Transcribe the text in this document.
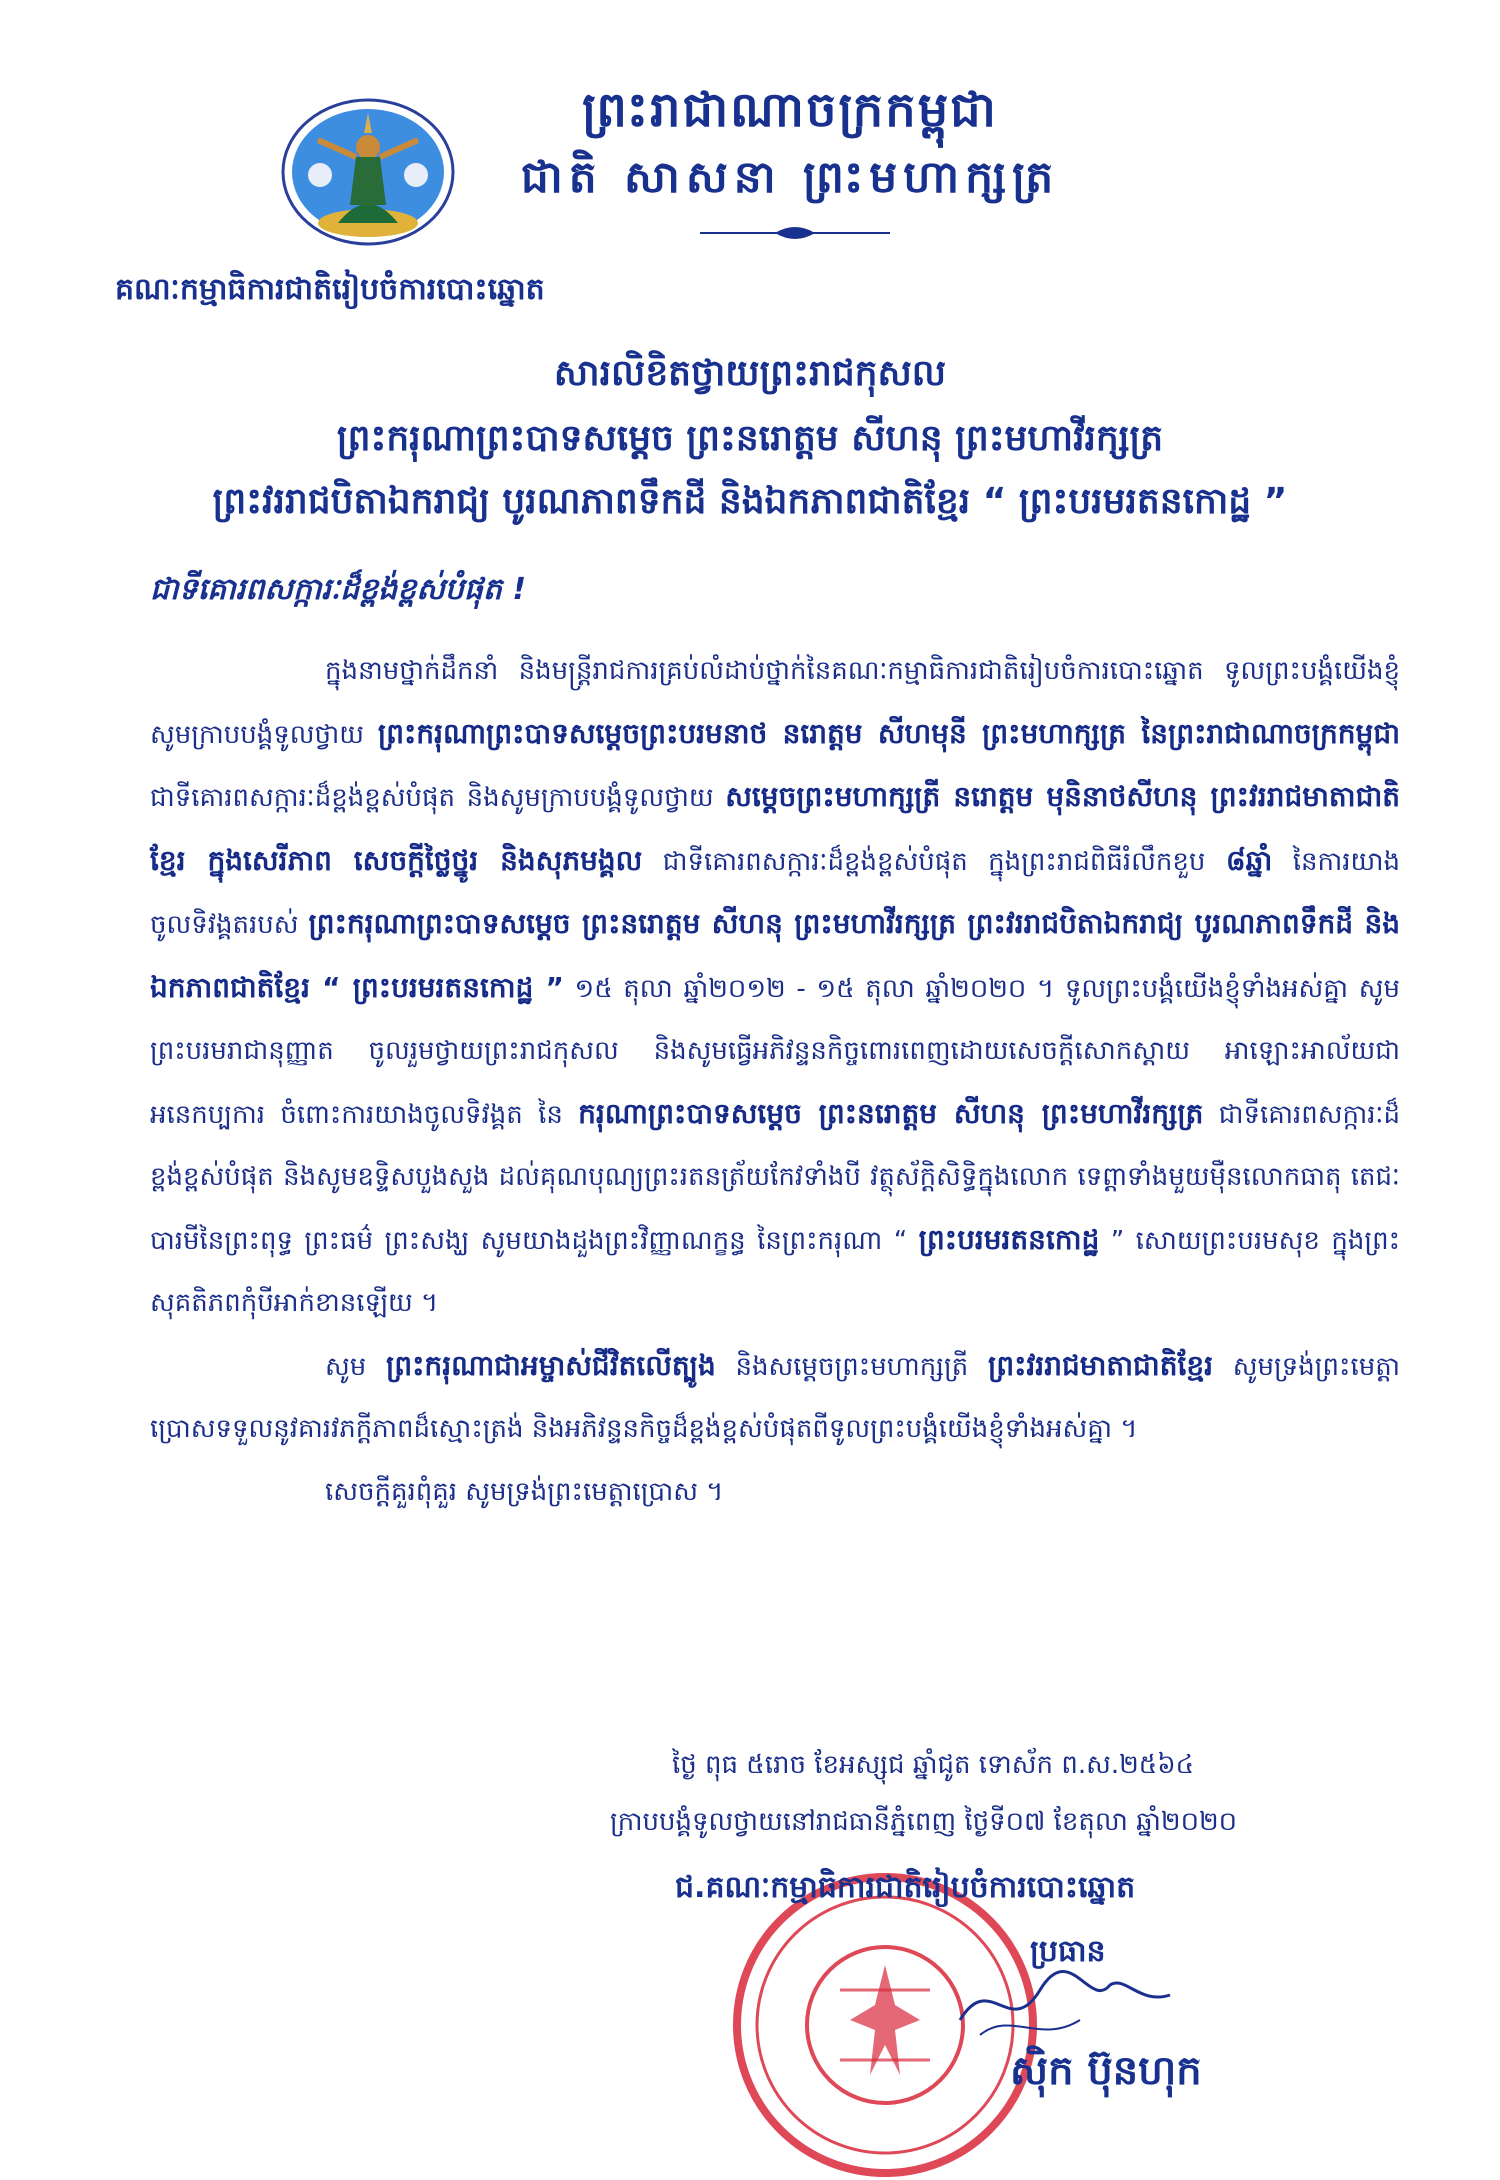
ព្រះរាជាណាចក្រកម្ពុជា
ជាតិ សាសនា ព្រះមហាក្សត្រ
គណៈកម្មាធិការជាតិរៀបចំការបោះឆ្នោត
សារលិខិតថ្វាយព្រះរាជកុសល
ព្រះករុណាព្រះបាទសម្តេច ព្រះនរោត្តម សីហនុ ព្រះមហាវីរក្សត្រ
ព្រះវររាជបិតាឯករាជ្យ បូរណភាពទឹកដី និងឯកភាពជាតិខ្មែរ “ ព្រះបរមរតនកោដ្ឋ ”
ជាទីគោរពសក្ការៈដ៏ខ្ពង់ខ្ពស់បំផុត !

ក្នុងនាមថ្នាក់ដឹកនាំ និងមន្ត្រីរាជការគ្រប់លំដាប់ថ្នាក់នៃគណៈកម្មាធិការជាតិរៀបចំការបោះឆ្នោត ទូលព្រះបង្គំយើងខ្ញុំ សូមក្រាបបង្គំទូលថ្វាយ ព្រះករុណាព្រះបាទសម្តេចព្រះបរមនាថ នរោត្តម សីហមុនី ព្រះមហាក្សត្រ នៃព្រះរាជាណាចក្រកម្ពុជា ជាទីគោរពសក្ការៈដ៏ខ្ពង់ខ្ពស់បំផុត និងសូមក្រាបបង្គំទូលថ្វាយ សម្តេចព្រះមហាក្សត្រី នរោត្តម មុនិនាថសីហនុ ព្រះវររាជមាតាជាតិខ្មែរ ក្នុងសេរីភាព សេចក្តីថ្លៃថ្នូរ និងសុភមង្គល ជាទីគោរពសក្ការៈដ៏ខ្ពង់ខ្ពស់បំផុត ក្នុងព្រះរាជពិធីរំលឹកខួប ៨ឆ្នាំ នៃការយាងចូលទិវង្គតរបស់ ព្រះករុណាព្រះបាទសម្តេច ព្រះនរោត្តម សីហនុ ព្រះមហាវីរក្សត្រ ព្រះវររាជបិតាឯករាជ្យ បូរណភាពទឹកដី និងឯកភាពជាតិខ្មែរ “ ព្រះបរមរតនកោដ្ឋ ” ១៥ តុលា ឆ្នាំ២០១២ - ១៥ តុលា ឆ្នាំ២០២០ ។ ទូលព្រះបង្គំយើងខ្ញុំទាំងអស់គ្នា សូមព្រះបរមរាជានុញ្ញាត ចូលរួមថ្វាយព្រះរាជកុសល និងសូមធ្វើអភិវន្ទនកិច្ចពោរពេញដោយសេចក្តីសោកស្តាយ អាឡោះអាល័យជាអនេកប្បការ ចំពោះការយាងចូលទិវង្គត នៃ ករុណាព្រះបាទសម្តេច ព្រះនរោត្តម សីហនុ ព្រះមហាវីរក្សត្រ ជាទីគោរពសក្ការៈដ៏ខ្ពង់ខ្ពស់បំផុត និងសូមឧទ្ទិសបួងសួង ដល់គុណបុណ្យព្រះរតនត្រ័យកែវទាំងបី វត្ថុស័ក្តិសិទ្ធិក្នុងលោក ទេព្តាទាំងមួយម៉ឺនលោកធាតុ តេជៈបារមីនៃព្រះពុទ្ធ ព្រះធម៌ ព្រះសង្ឃ សូមយាងដួងព្រះវិញ្ញាណក្ខន្ធ នៃព្រះករុណា “ ព្រះបរមរតនកោដ្ឋ ” សោយព្រះបរមសុខ ក្នុងព្រះសុគតិភពកុំបីអាក់ខានឡើយ ។

សូម ព្រះករុណាជាអម្ចាស់ជីវិតលើត្បូង និងសម្តេចព្រះមហាក្សត្រី ព្រះវររាជមាតាជាតិខ្មែរ សូមទ្រង់ព្រះមេត្តាប្រោសទទួលនូវគារវភក្តីភាពដ៏ស្មោះត្រង់ និងអភិវន្ទនកិច្ចដ៏ខ្ពង់ខ្ពស់បំផុតពីទូលព្រះបង្គំយើងខ្ញុំទាំងអស់គ្នា ។

សេចក្តីគួរពុំគួរ សូមទ្រង់ព្រះមេត្តាប្រោស ។

ថ្ងៃ ពុធ ៥រោច ខែអស្សុជ ឆ្នាំជូត ទោស័ក ព.ស.២៥៦៤
ក្រាបបង្គំទូលថ្វាយនៅរាជធានីភ្នំពេញ ថ្ងៃទី០៧ ខែតុលា ឆ្នាំ២០២០
ជ.គណៈកម្មាធិការជាតិរៀបចំការបោះឆ្នោត
ប្រធាន
ស៊ិក ប៊ុនហុក
